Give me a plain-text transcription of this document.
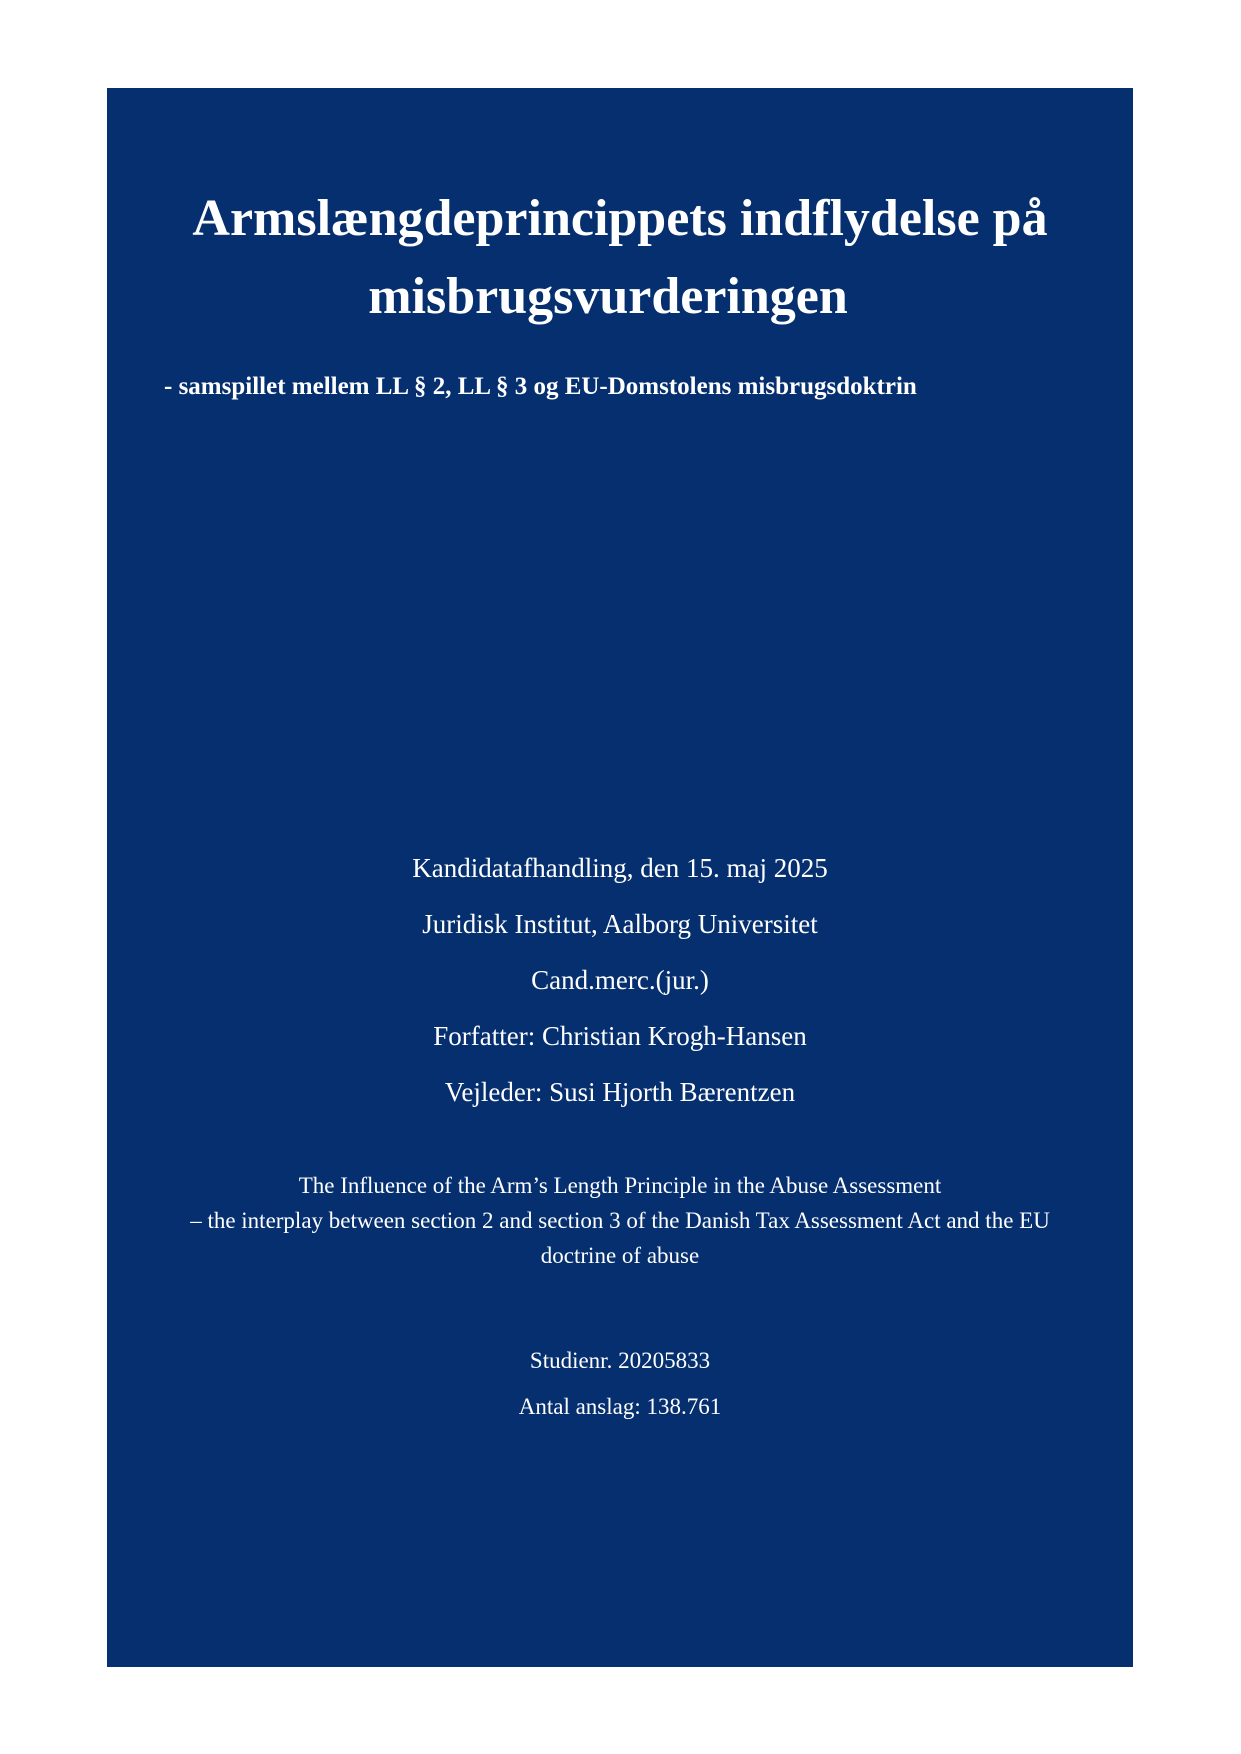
Armslængdeprincippets indflydelse på
misbrugsvurderingen

- samspillet mellem LL § 2, LL § 3 og EU-Domstolens misbrugsdoktrin

Kandidatafhandling, den 15. maj 2025
Juridisk Institut, Aalborg Universitet
Cand.merc.(jur.)
Forfatter: Christian Krogh-Hansen
Vejleder: Susi Hjorth Bærentzen
The Influence of the Arm’s Length Principle in the Abuse Assessment
– the interplay between section 2 and section 3 of the Danish Tax Assessment Act and the EU
doctrine of abuse
Studienr. 20205833
Antal anslag: 138.761
